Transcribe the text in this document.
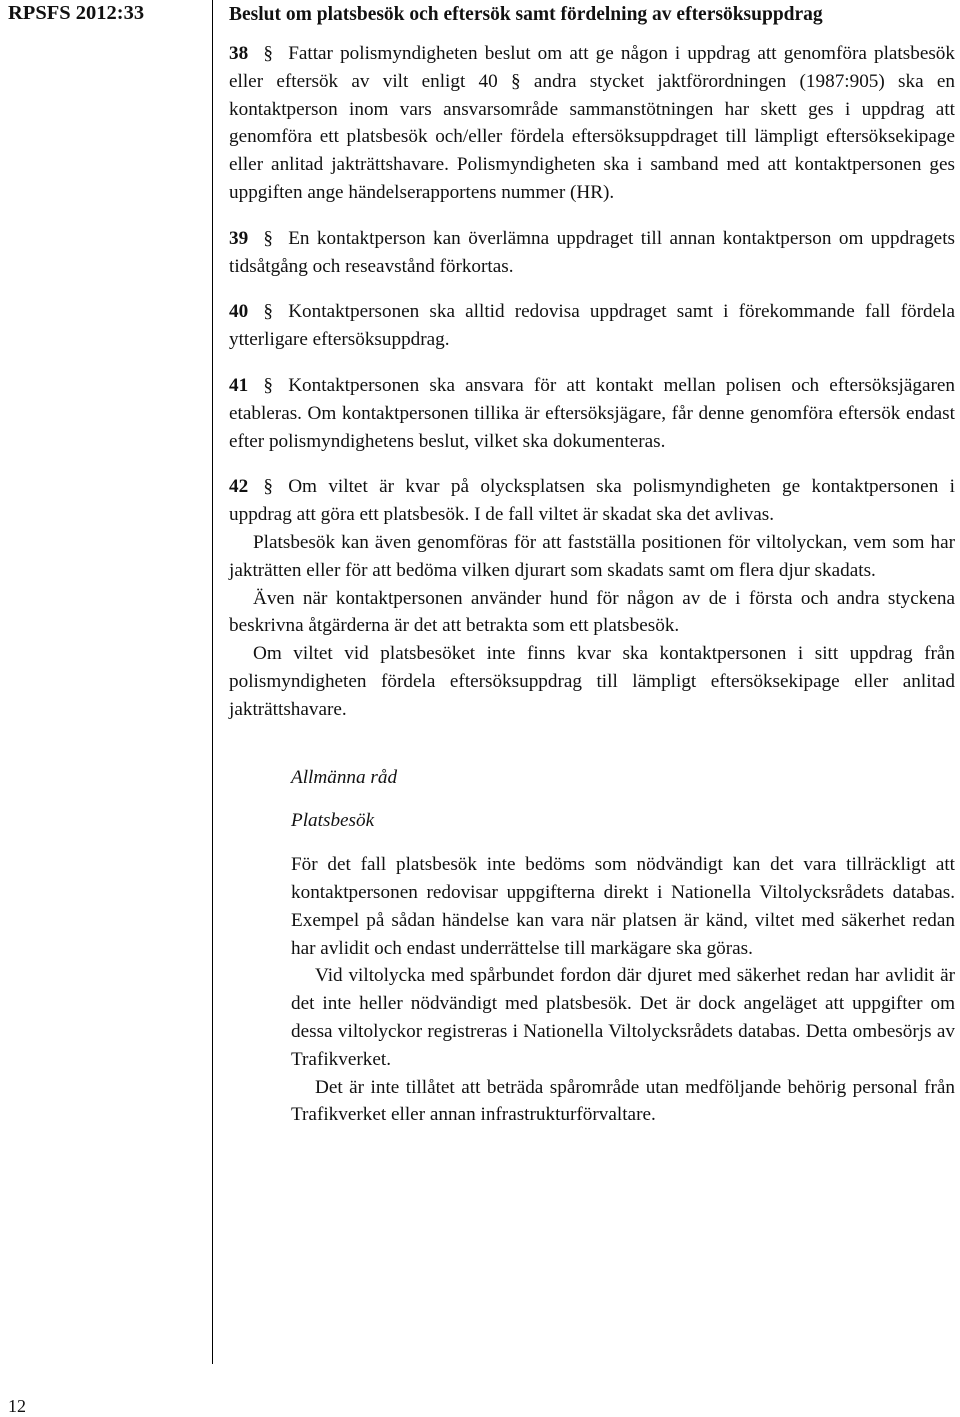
RPSFS 2012:33	Beslut om platsbesök och eftersök samt fördelning av eftersöksuppdrag

38 § Fattar polismyndigheten beslut om att ge någon i uppdrag att genomföra platsbesök eller eftersök av vilt enligt 40 § andra stycket jaktförordningen (1987:905) ska en kontaktperson inom vars ansvarsområde sammanstötningen har skett ges i uppdrag att genomföra ett platsbesök och/eller fördela eftersöksuppdraget till lämpligt eftersöksekipage eller anlitad jakträttshavare. Polismyndigheten ska i samband med att kontaktpersonen ges uppgiften ange händelserapportens nummer (HR).

39 § En kontaktperson kan överlämna uppdraget till annan kontaktperson om uppdragets tidsåtgång och reseavstånd förkortas.

40 § Kontaktpersonen ska alltid redovisa uppdraget samt i förekommande fall fördela ytterligare eftersöksuppdrag.

41 § Kontaktpersonen ska ansvara för att kontakt mellan polisen och eftersöksjägaren etableras. Om kontaktpersonen tillika är eftersöksjägare, får denne genomföra eftersök endast efter polismyndighetens beslut, vilket ska dokumenteras.

42 § Om viltet är kvar på olycksplatsen ska polismyndigheten ge kontaktpersonen i uppdrag att göra ett platsbesök. I de fall viltet är skadat ska det avlivas.

Platsbesök kan även genomföras för att fastställa positionen för viltolyckan, vem som har jakträtten eller för att bedöma vilken djurart som skadats samt om flera djur skadats.

Även när kontaktpersonen använder hund för någon av de i första och andra styckena beskrivna åtgärderna är det att betrakta som ett platsbesök.

Om viltet vid platsbesöket inte finns kvar ska kontaktpersonen i sitt uppdrag från polismyndigheten fördela eftersöksuppdrag till lämpligt eftersöksekipage eller anlitad jakträttshavare.

Allmänna råd

Platsbesök

För det fall platsbesök inte bedöms som nödvändigt kan det vara tillräckligt att kontaktpersonen redovisar uppgifterna direkt i Nationella Viltolycksrådets databas. Exempel på sådan händelse kan vara när platsen är känd, viltet med säkerhet redan har avlidit och endast underrättelse till markägare ska göras.

Vid viltolycka med spårbundet fordon där djuret med säkerhet redan har avlidit är det inte heller nödvändigt med platsbesök. Det är dock angeläget att uppgifter om dessa viltolyckor registreras i Nationella Viltolycksrådets databas. Detta ombesörjs av Trafikverket.

Det är inte tillåtet att beträda spårområde utan medföljande behörig personal från Trafikverket eller annan infrastrukturförvaltare.

12
